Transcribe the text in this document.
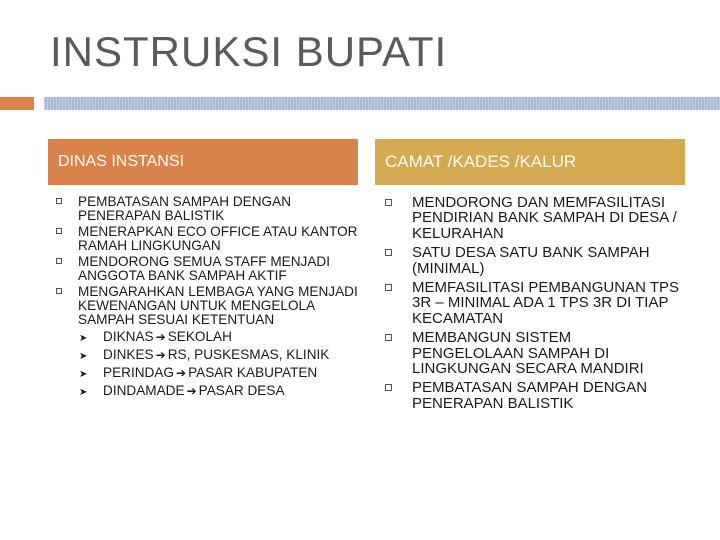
INSTRUKSI BUPATI
DINAS INSTANSI
PEMBATASAN SAMPAH DENGAN PENERAPAN BALISTIK
MENERAPKAN ECO OFFICE ATAU KANTOR RAMAH LINGKUNGAN
MENDORONG SEMUA STAFF MENJADI ANGGOTA BANK SAMPAH AKTIF
MENGARAHKAN LEMBAGA YANG MENJADI KEWENANGAN UNTUK MENGELOLA SAMPAH SESUAI KETENTUAN
➤ DIKNAS ➔ SEKOLAH
➤ DINKES ➔ RS, PUSKESMAS, KLINIK
➤ PERINDAG ➔ PASAR KABUPATEN
➤ DINDAMADE ➔ PASAR DESA
CAMAT /KADES /KALUR
MENDORONG DAN MEMFASILITASI PENDIRIAN BANK SAMPAH DI DESA / KELURAHAN
SATU DESA SATU BANK SAMPAH (MINIMAL)
MEMFASILITASI PEMBANGUNAN TPS 3R – MINIMAL ADA 1 TPS 3R DI TIAP KECAMATAN
MEMBANGUN SISTEM PENGELOLAAN SAMPAH DI LINGKUNGAN SECARA MANDIRI
PEMBATASAN SAMPAH DENGAN PENERAPAN BALISTIK
